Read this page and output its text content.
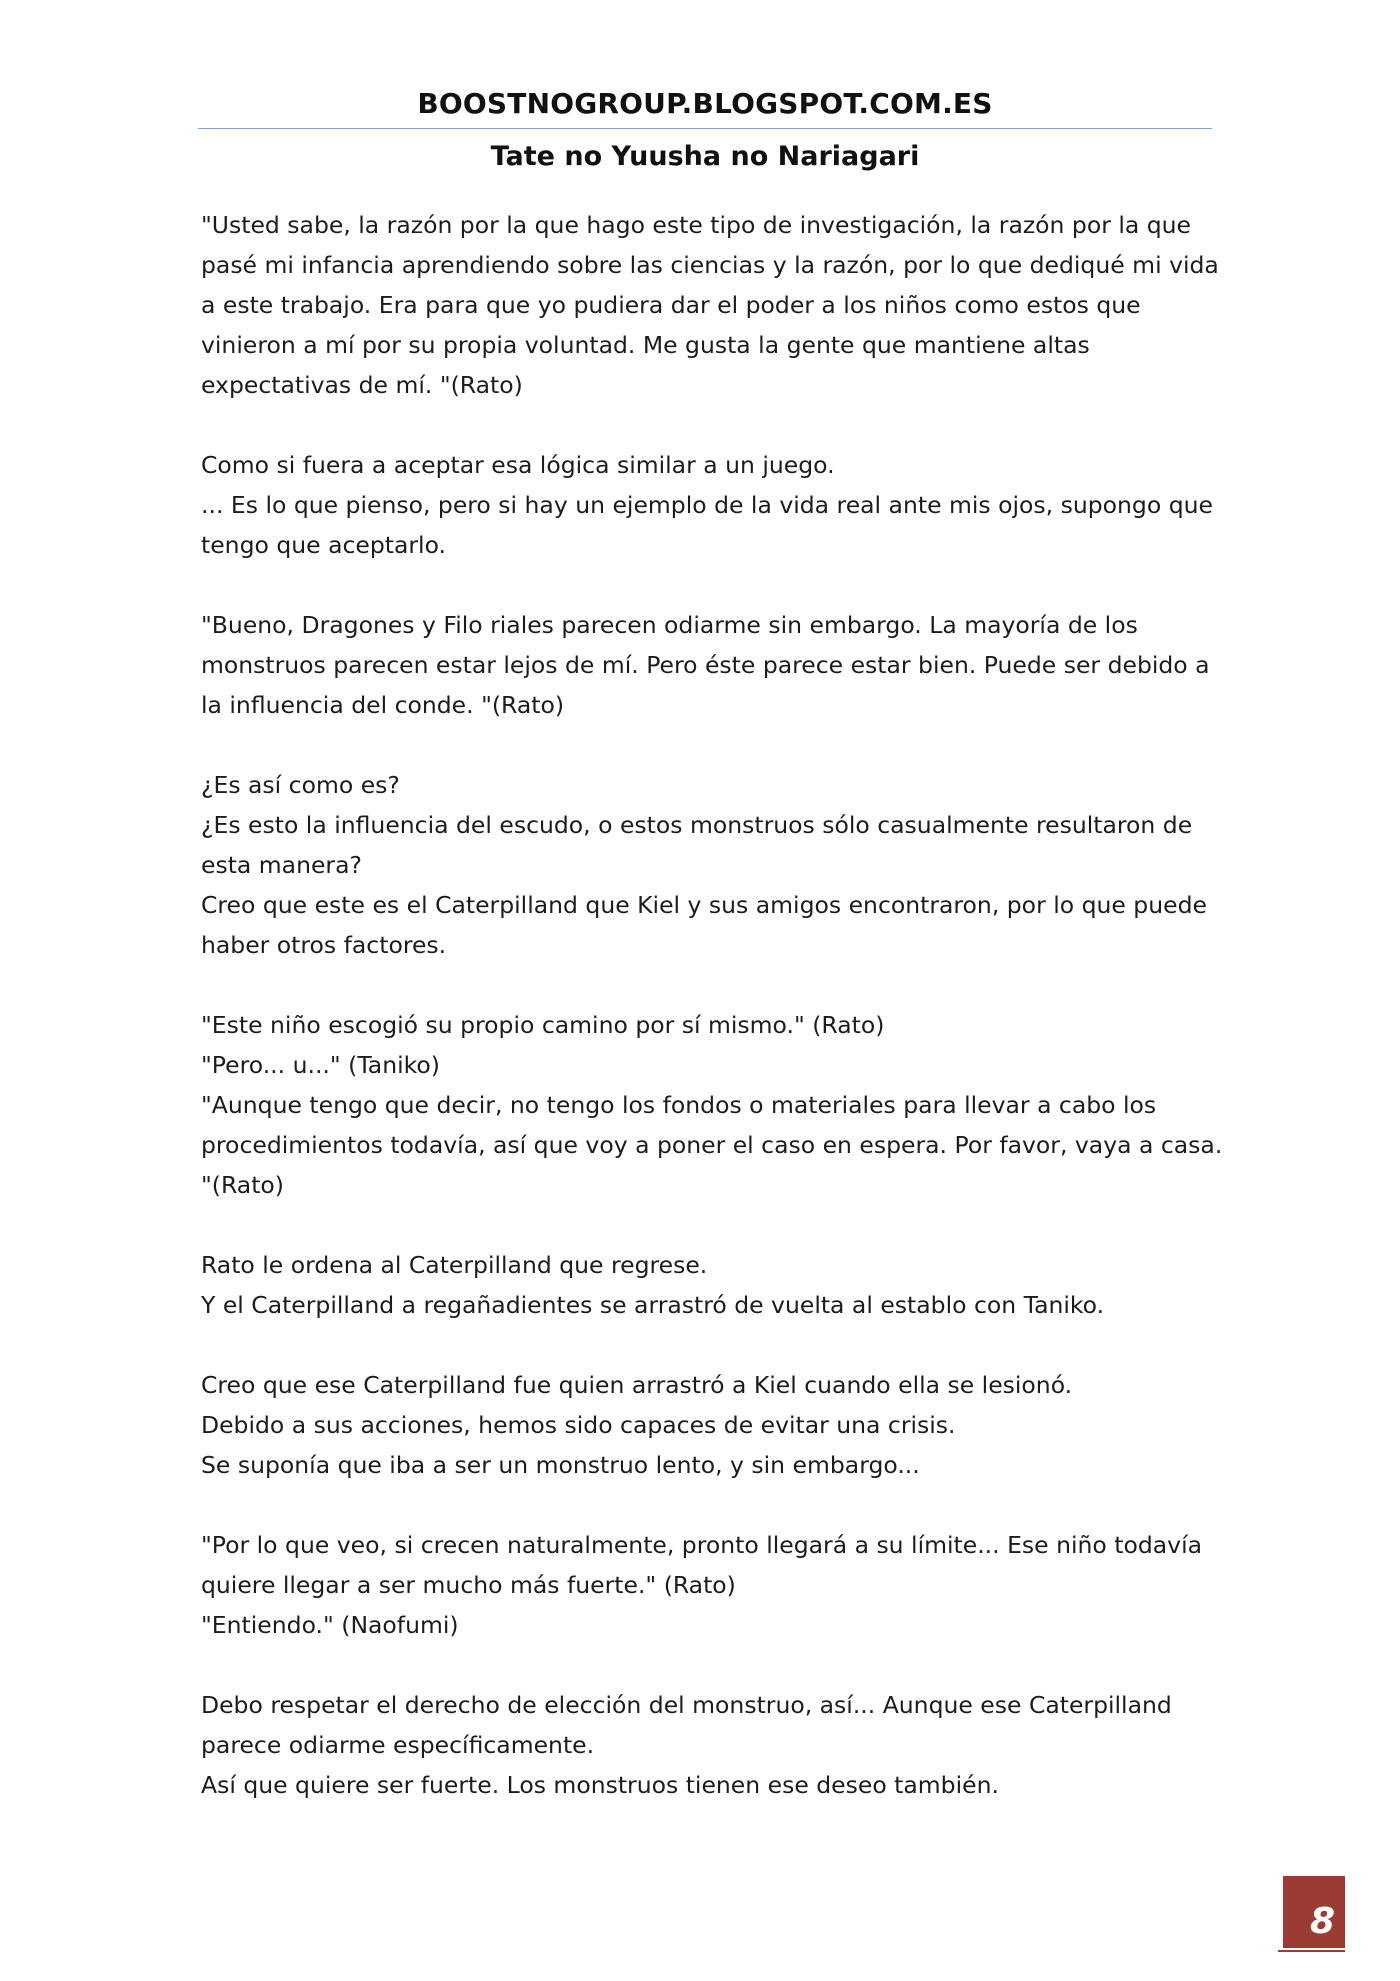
BOOSTNOGROUP.BLOGSPOT.COM.ES
Tate no Yuusha no Nariagari
"Usted sabe, la razón por la que hago este tipo de investigación, la razón por la que
pasé mi infancia aprendiendo sobre las ciencias y la razón, por lo que dediqué mi vida
a este trabajo. Era para que yo pudiera dar el poder a los niños como estos que
vinieron a mí por su propia voluntad. Me gusta la gente que mantiene altas
expectativas de mí. "(Rato)
Como si fuera a aceptar esa lógica similar a un juego.
... Es lo que pienso, pero si hay un ejemplo de la vida real ante mis ojos, supongo que
tengo que aceptarlo.
"Bueno, Dragones y Filo riales parecen odiarme sin embargo. La mayoría de los
monstruos parecen estar lejos de mí. Pero éste parece estar bien. Puede ser debido a
la influencia del conde. "(Rato)
¿Es así como es?
¿Es esto la influencia del escudo, o estos monstruos sólo casualmente resultaron de
esta manera?
Creo que este es el Caterpilland que Kiel y sus amigos encontraron, por lo que puede
haber otros factores.
"Este niño escogió su propio camino por sí mismo." (Rato)
"Pero... u..." (Taniko)
"Aunque tengo que decir, no tengo los fondos o materiales para llevar a cabo los
procedimientos todavía, así que voy a poner el caso en espera. Por favor, vaya a casa.
"(Rato)
Rato le ordena al Caterpilland que regrese.
Y el Caterpilland a regañadientes se arrastró de vuelta al establo con Taniko.
Creo que ese Caterpilland fue quien arrastró a Kiel cuando ella se lesionó.
Debido a sus acciones, hemos sido capaces de evitar una crisis.
Se suponía que iba a ser un monstruo lento, y sin embargo...
"Por lo que veo, si crecen naturalmente, pronto llegará a su límite... Ese niño todavía
quiere llegar a ser mucho más fuerte." (Rato)
"Entiendo." (Naofumi)
Debo respetar el derecho de elección del monstruo, así... Aunque ese Caterpilland
parece odiarme específicamente.
Así que quiere ser fuerte. Los monstruos tienen ese deseo también.
8
